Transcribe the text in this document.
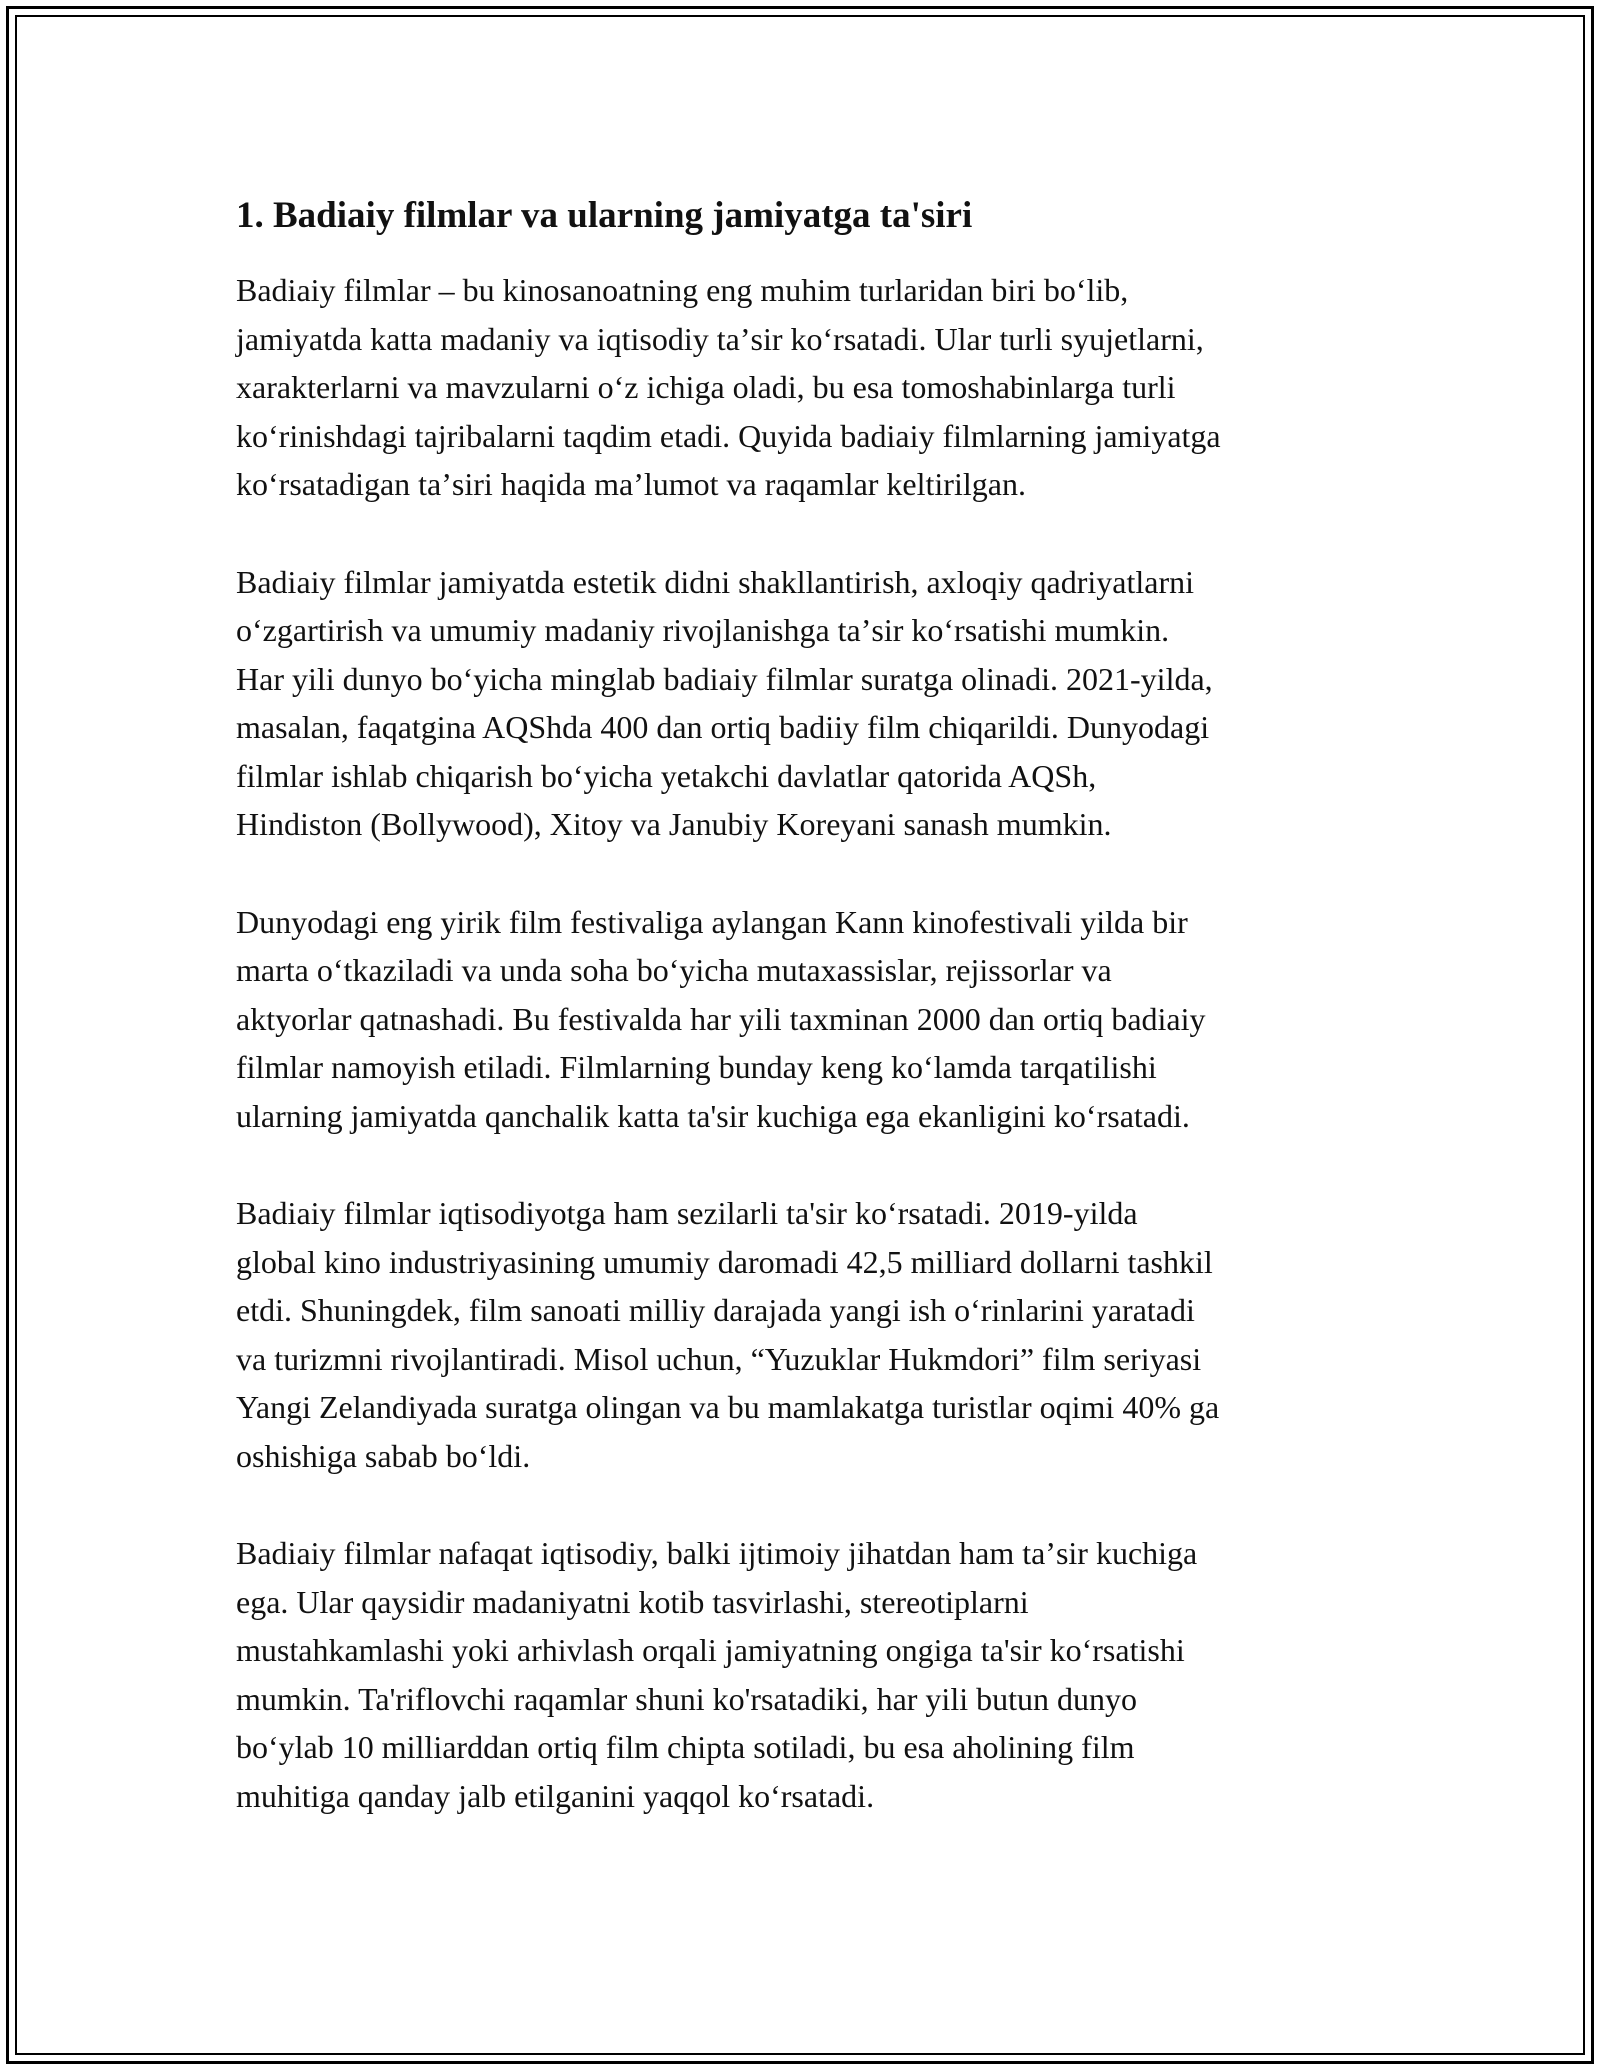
1. Badiaiy filmlar va ularning jamiyatga ta'siri

Badiaiy filmlar – bu kinosanoatning eng muhim turlaridan biri boʻlib,
jamiyatda katta madaniy va iqtisodiy taʼsir koʻrsatadi. Ular turli syujetlarni,
xarakterlarni va mavzularni oʻz ichiga oladi, bu esa tomoshabinlarga turli
koʻrinishdagi tajribalarni taqdim etadi. Quyida badiaiy filmlarning jamiyatga
koʻrsatadigan taʼsiri haqida maʼlumot va raqamlar keltirilgan.

Badiaiy filmlar jamiyatda estetik didni shakllantirish, axloqiy qadriyatlarni
oʻzgartirish va umumiy madaniy rivojlanishga taʼsir koʻrsatishi mumkin.
Har yili dunyo boʻyicha minglab badiaiy filmlar suratga olinadi. 2021-yilda,
masalan, faqatgina AQShda 400 dan ortiq badiiy film chiqarildi. Dunyodagi
filmlar ishlab chiqarish boʻyicha yetakchi davlatlar qatorida AQSh,
Hindiston (Bollywood), Xitoy va Janubiy Koreyani sanash mumkin.

Dunyodagi eng yirik film festivaliga aylangan Kann kinofestivali yilda bir
marta oʻtkaziladi va unda soha boʻyicha mutaxassislar, rejissorlar va
aktyorlar qatnashadi. Bu festivalda har yili taxminan 2000 dan ortiq badiaiy
filmlar namoyish etiladi. Filmlarning bunday keng koʻlamda tarqatilishi
ularning jamiyatda qanchalik katta ta'sir kuchiga ega ekanligini koʻrsatadi.

Badiaiy filmlar iqtisodiyotga ham sezilarli ta'sir koʻrsatadi. 2019-yilda
global kino industriyasining umumiy daromadi 42,5 milliard dollarni tashkil
etdi. Shuningdek, film sanoati milliy darajada yangi ish oʻrinlarini yaratadi
va turizmni rivojlantiradi. Misol uchun, “Yuzuklar Hukmdori” film seriyasi
Yangi Zelandiyada suratga olingan va bu mamlakatga turistlar oqimi 40% ga
oshishiga sabab boʻldi.

Badiaiy filmlar nafaqat iqtisodiy, balki ijtimoiy jihatdan ham taʼsir kuchiga
ega. Ular qaysidir madaniyatni kotib tasvirlashi, stereotiplarni
mustahkamlashi yoki arhivlash orqali jamiyatning ongiga ta'sir koʻrsatishi
mumkin. Ta'riflovchi raqamlar shuni ko'rsatadiki, har yili butun dunyo
boʻylab 10 milliarddan ortiq film chipta sotiladi, bu esa aholining film
muhitiga qanday jalb etilganini yaqqol koʻrsatadi.
